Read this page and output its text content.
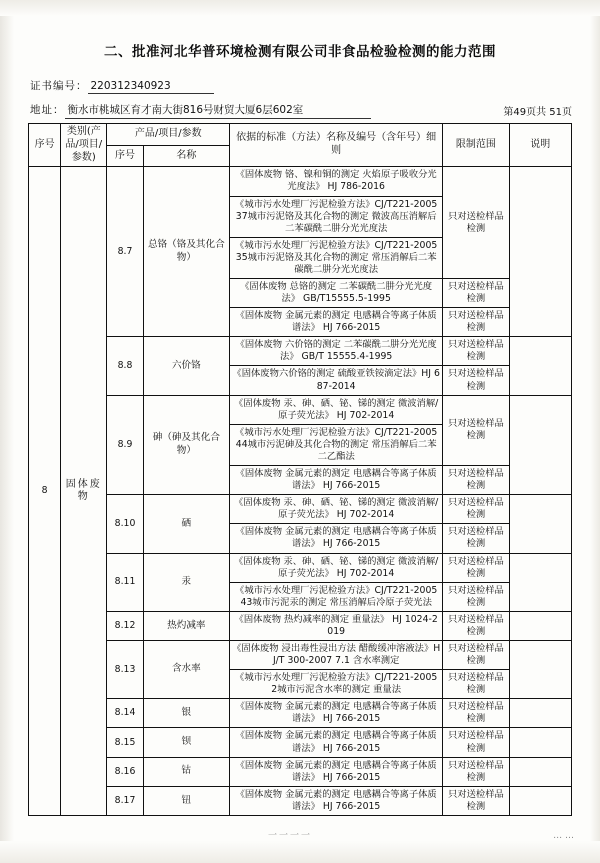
二、批准河北华普环境检测有限公司非食品检验检测的能力范围
证书编号： 220312340923
地址： 衡水市桃城区育才南大街816号财贸大厦6层602室	第49页共 51页
序号	类别(产品/项目/参数)	产品/项目/参数		依据的标准（方法）名称及编号（含年号）细则	限制范围	说明
		序号	名称			
8	固体废物	8.7	总铬（铬及其化合物）	《固体废物 铬、镍和铜的测定 火焰原子吸收分光光度法》 HJ 786-2016	只对送检样品检测	
				《城市污水处理厂污泥检验方法》CJ/T221-2005 37城市污泥铬及其化合物的测定 微波高压消解后二苯碳酰二肼分光光度法		
				《城市污水处理厂污泥检验方法》CJ/T221-2005 35城市污泥铬及其化合物的测定 常压消解后二苯碳酰二肼分光光度法		
				《固体废物 总铬的测定 二苯碳酰二肼分光光度法》 GB/T15555.5-1995	只对送检样品检测	
				《固体废物 金属元素的测定 电感耦合等离子体质谱法》 HJ 766-2015	只对送检样品检测	
		8.8	六价铬	《固体废物 六价铬的测定 二苯碳酰二肼分光光度法》 GB/T 15555.4-1995	只对送检样品检测	
				《固体废物六价铬的测定 硫酸亚铁铵滴定法》HJ 687-2014	只对送检样品检测	
		8.9	砷（砷及其化合物）	《固体废物 汞、砷、硒、铋、锑的测定 微波消解/原子荧光法》 HJ 702-2014	只对送检样品检测	
				《城市污水处理厂污泥检验方法》CJ/T221-2005 44城市污泥砷及其化合物的测定 常压消解后二苯二乙酯法		
				《固体废物 金属元素的测定 电感耦合等离子体质谱法》 HJ 766-2015	只对送检样品检测	
		8.10	硒	《固体废物 汞、砷、硒、铋、锑的测定 微波消解/原子荧光法》 HJ 702-2014	只对送检样品检测	
				《固体废物 金属元素的测定 电感耦合等离子体质谱法》 HJ 766-2015	只对送检样品检测	
		8.11	汞	《固体废物 汞、砷、硒、铋、锑的测定 微波消解/原子荧光法》 HJ 702-2014	只对送检样品检测	
				《城市污水处理厂污泥检验方法》CJ/T221-2005 43城市污泥汞的测定 常压消解后冷原子荧光法	只对送检样品检测	
		8.12	热灼减率	《固体废物 热灼减率的测定 重量法》 HJ 1024-2019	只对送检样品检测	
		8.13	含水率	《固体废物 浸出毒性浸出方法 醋酸缓冲溶液法》HJ/T 300-2007 7.1 含水率测定	只对送检样品检测	
				《城市污水处理厂污泥检验方法》CJ/T221-2005 2城市污泥含水率的测定 重量法	只对送检样品检测	
		8.14	银	《固体废物 金属元素的测定 电感耦合等离子体质谱法》 HJ 766-2015	只对送检样品检测	
		8.15	钡	《固体废物 金属元素的测定 电感耦合等离子体质谱法》 HJ 766-2015	只对送检样品检测	
		8.16	钴	《固体废物 金属元素的测定 电感耦合等离子体质谱法》 HJ 766-2015	只对送检样品检测	
		8.17	钮	《固体废物 金属元素的测定 电感耦合等离子体质谱法》 HJ 766-2015	只对送检样品检测	
一一一一	… …
